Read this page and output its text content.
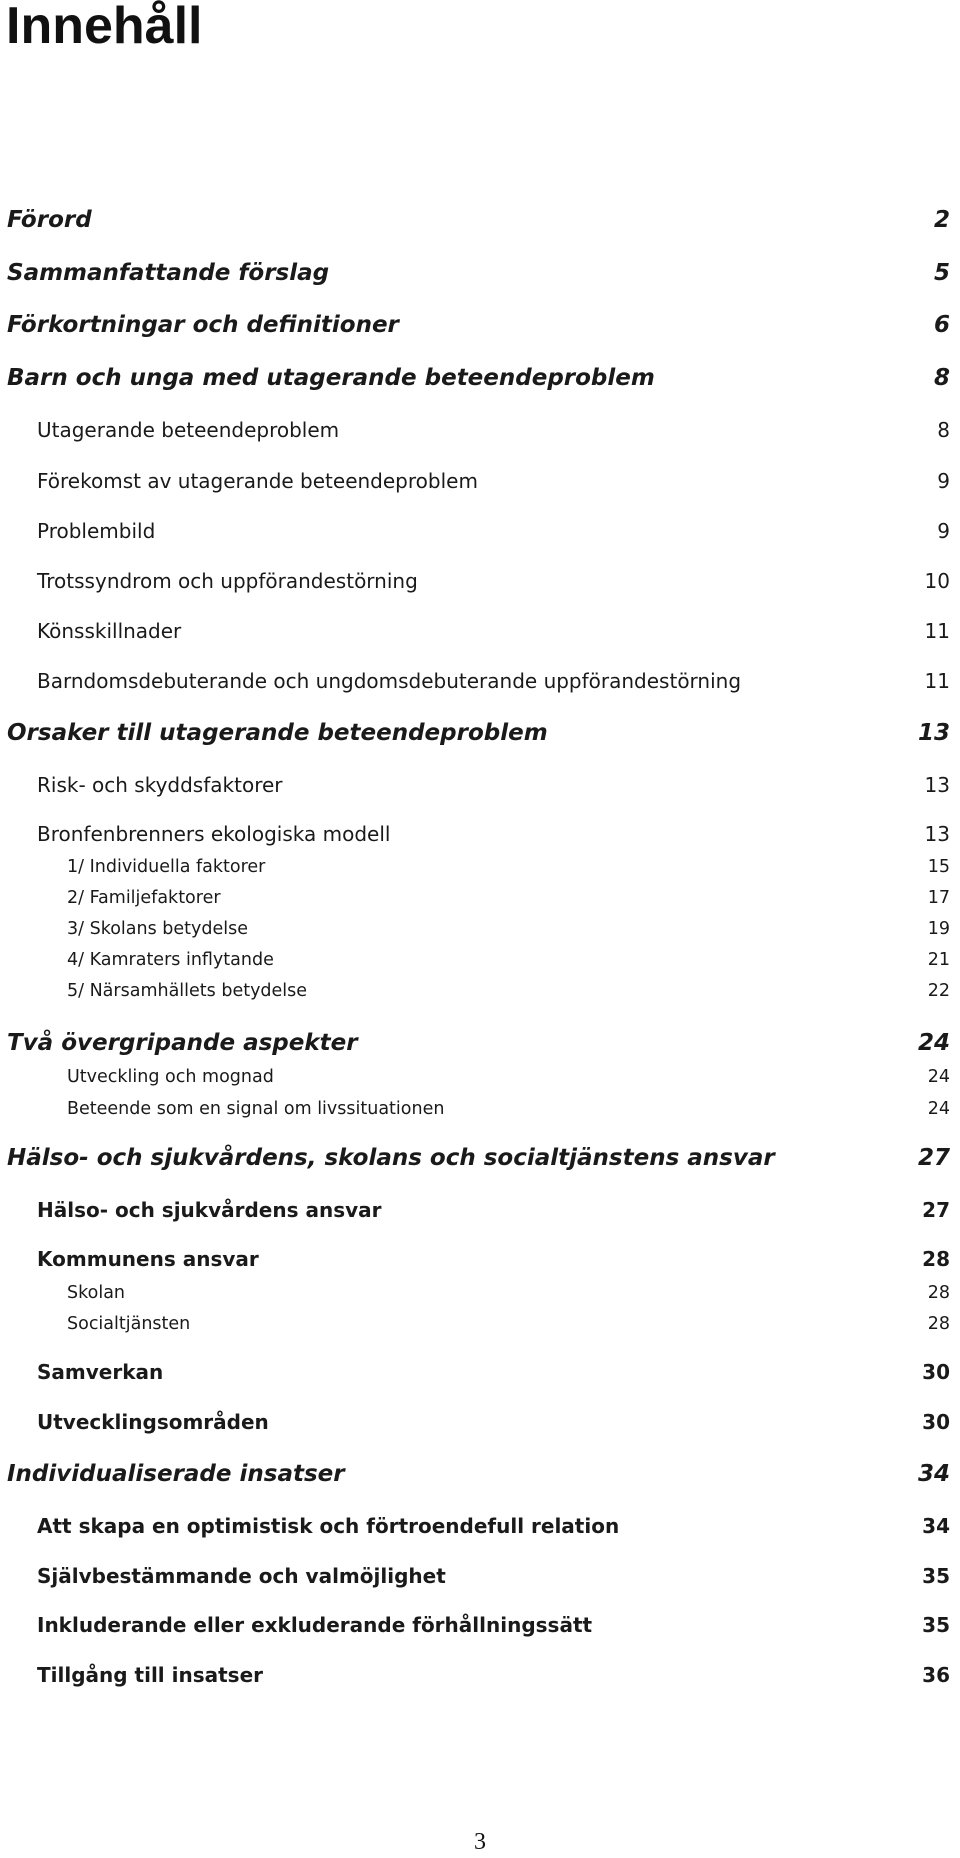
Innehåll
Förord	2
Sammanfattande förslag	5
Förkortningar och definitioner	6
Barn och unga med utagerande beteendeproblem	8
Utagerande beteendeproblem	8
Förekomst av utagerande beteendeproblem	9
Problembild	9
Trotssyndrom och uppförandestörning	10
Könsskillnader	11
Barndomsdebuterande och ungdomsdebuterande uppförandestörning	11
Orsaker till utagerande beteendeproblem	13
Risk- och skyddsfaktorer	13
Bronfenbrenners ekologiska modell	13
1/ Individuella faktorer	15
2/ Familjefaktorer	17
3/ Skolans betydelse	19
4/ Kamraters inflytande	21
5/ Närsamhällets betydelse	22
Två övergripande aspekter	24
Utveckling och mognad	24
Beteende som en signal om livssituationen	24
Hälso- och sjukvårdens, skolans och socialtjänstens ansvar	27
Hälso- och sjukvårdens ansvar	27
Kommunens ansvar	28
Skolan	28
Socialtjänsten	28
Samverkan	30
Utvecklingsområden	30
Individualiserade insatser	34
Att skapa en optimistisk och förtroendefull relation	34
Självbestämmande och valmöjlighet	35
Inkluderande eller exkluderande förhållningssätt	35
Tillgång till insatser	36
3
